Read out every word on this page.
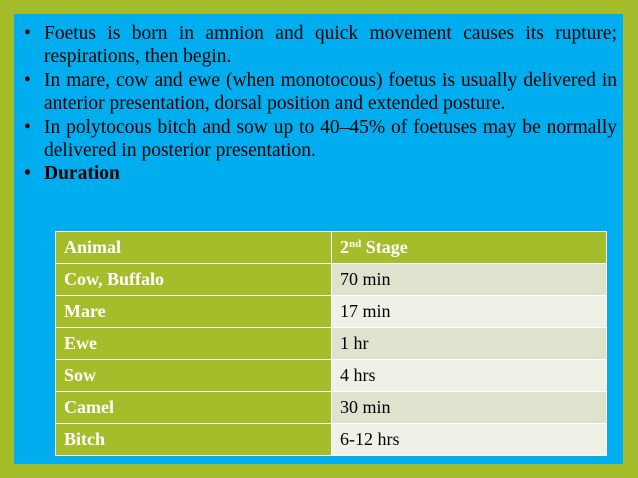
• Foetus is born in amnion and quick movement causes its rupture; respirations, then begin.
• In mare, cow and ewe (when monotocous) foetus is usually delivered in anterior presentation, dorsal position and extended posture.
• In polytocous bitch and sow up to 40–45% of foetuses may be normally delivered in posterior presentation.
• Duration
Animal	2nd Stage
Cow, Buffalo	70 min
Mare	17 min
Ewe	1 hr
Sow	4 hrs
Camel	30 min
Bitch	6-12 hrs
